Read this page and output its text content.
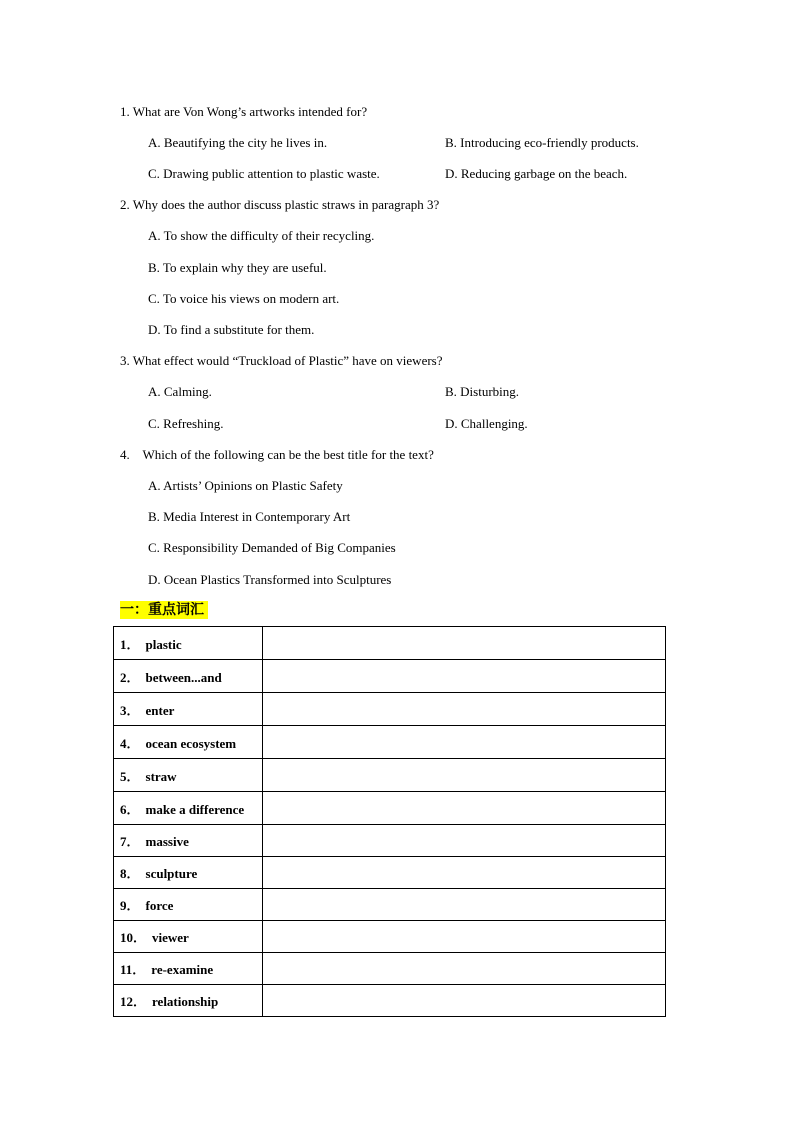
1. What are Von Wong’s artworks intended for?
A. Beautifying the city he lives in.	B. Introducing eco-friendly products.
C. Drawing public attention to plastic waste.	D. Reducing garbage on the beach.
2. Why does the author discuss plastic straws in paragraph 3?
A. To show the difficulty of their recycling.
B. To explain why they are useful.
C. To voice his views on modern art.
D. To find a substitute for them.
3. What effect would “Truckload of Plastic” have on viewers?
A. Calming.	B. Disturbing.
C. Refreshing.	D. Challenging.
4.    Which of the following can be the best title for the text?
A. Artists’ Opinions on Plastic Safety
B. Media Interest in Contemporary Art
C. Responsibility Demanded of Big Companies
D. Ocean Plastics Transformed into Sculptures
一：重点词汇
1． plastic	
2． between...and	
3． enter	
4． ocean ecosystem	
5． straw	
6． make a difference	
7． massive	
8． sculpture	
9． force	
10． viewer	
11． re-examine	
12． relationship	
